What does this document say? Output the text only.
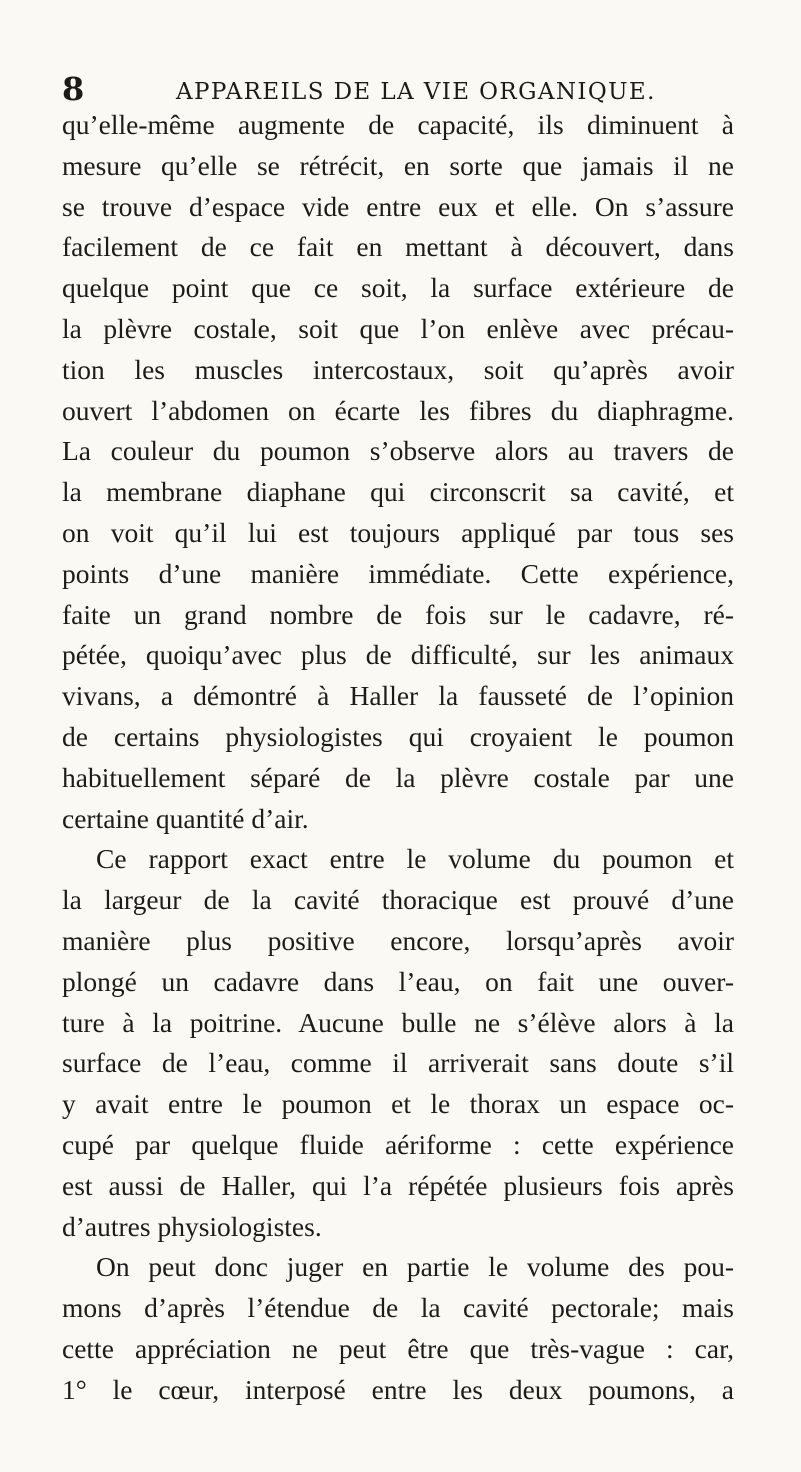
8	APPAREILS DE LA VIE ORGANIQUE.
qu’elle-même augmente de capacité, ils diminuent à
mesure qu’elle se rétrécit, en sorte que jamais il ne
se trouve d’espace vide entre eux et elle. On s’assure
facilement de ce fait en mettant à découvert, dans
quelque point que ce soit, la surface extérieure de
la plèvre costale, soit que l’on enlève avec précau-
tion les muscles intercostaux, soit qu’après avoir
ouvert l’abdomen on écarte les fibres du diaphragme.
La couleur du poumon s’observe alors au travers de
la membrane diaphane qui circonscrit sa cavité, et
on voit qu’il lui est toujours appliqué par tous ses
points d’une manière immédiate. Cette expérience,
faite un grand nombre de fois sur le cadavre, ré-
pétée, quoiqu’avec plus de difficulté, sur les animaux
vivans, a démontré à Haller la fausseté de l’opinion
de certains physiologistes qui croyaient le poumon
habituellement séparé de la plèvre costale par une
certaine quantité d’air.
Ce rapport exact entre le volume du poumon et
la largeur de la cavité thoracique est prouvé d’une
manière plus positive encore, lorsqu’après avoir
plongé un cadavre dans l’eau, on fait une ouver-
ture à la poitrine. Aucune bulle ne s’élève alors à la
surface de l’eau, comme il arriverait sans doute s’il
y avait entre le poumon et le thorax un espace oc-
cupé par quelque fluide aériforme : cette expérience
est aussi de Haller, qui l’a répétée plusieurs fois après
d’autres physiologistes.
On peut donc juger en partie le volume des pou-
mons d’après l’étendue de la cavité pectorale; mais
cette appréciation ne peut être que très-vague : car,
1° le cœur, interposé entre les deux poumons, a
